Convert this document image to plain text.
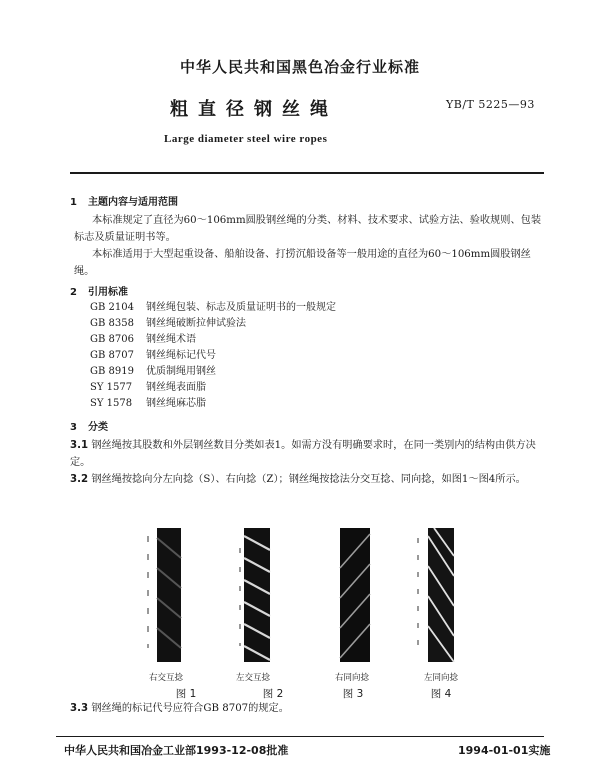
中华人民共和国黑色冶金行业标准
粗直径钢丝绳	YB/T 5225—93
Large diameter steel wire ropes
1 主题内容与适用范围
本标准规定了直径为60～106mm圆股钢丝绳的分类、材料、技术要求、试验方法、验收规则、包装标志及质量证明书等。
本标准适用于大型起重设备、船舶设备、打捞沉船设备等一般用途的直径为60～106mm圆股钢丝绳。
2 引用标准
GB 2104 钢丝绳包装、标志及质量证明书的一般规定
GB 8358 钢丝绳破断拉伸试验法
GB 8706 钢丝绳术语
GB 8707 钢丝绳标记代号
GB 8919 优质制绳用钢丝
SY 1577 钢丝绳表面脂
SY 1578 钢丝绳麻芯脂
3 分类
3.1 钢丝绳按其股数和外层钢丝数目分类如表1。如需方没有明确要求时，在同一类别内的结构由供方决定。
3.2 钢丝绳按捻向分左向捻（S）、右向捻（Z）；钢丝绳按捻法分交互捻、同向捻，如图1～图4所示。
右交互捻	左交互捻	右同向捻	左同向捻
图 1	图 2	图 3	图 4
3.3 钢丝绳的标记代号应符合GB 8707的规定。
中华人民共和国冶金工业部1993-12-08批准	1994-01-01实施
